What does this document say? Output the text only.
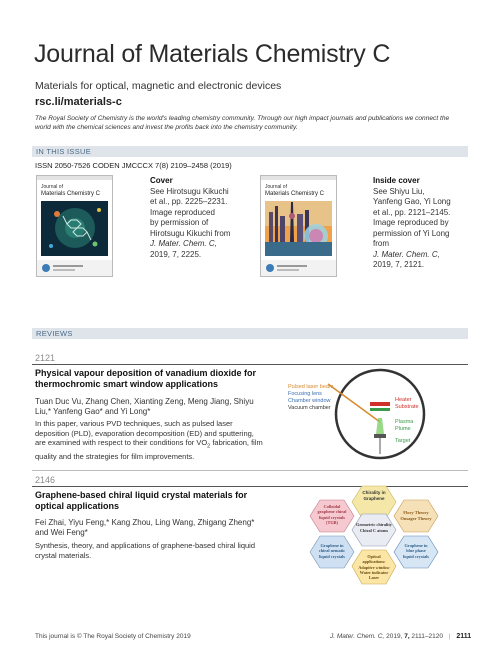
Journal of Materials Chemistry C
Materials for optical, magnetic and electronic devices
rsc.li/materials-c
The Royal Society of Chemistry is the world's leading chemistry community. Through our high impact journals and publications we connect the world with the chemical sciences and invest the profits back into the chemistry community.
IN THIS ISSUE
ISSN 2050-7526 CODEN JMCCCX 7(8) 2109–2458 (2019)
Journal of
Materials Chemistry C
Cover
See Hirotsugu Kikuchi
et al., pp. 2225–2231.
Image reproduced
by permission of
Hirotsugu Kikuchi from
J. Mater. Chem. C,
2019, 7, 2225.
Journal of
Materials Chemistry C
Inside cover
See Shiyu Liu,
Yanfeng Gao, Yi Long
et al., pp. 2121–2145.
Image reproduced by
permission of Yi Long
from
J. Mater. Chem. C,
2019, 7, 2121.
REVIEWS
2121
Physical vapour deposition of vanadium dioxide for thermochromic smart window applications
Tuan Duc Vu, Zhang Chen, Xianting Zeng, Meng Jiang, Shiyu Liu,* Yanfeng Gao* and Yi Long*
In this paper, various PVD techniques, such as pulsed laser deposition (PLD), evaporation decomposition (ED) and sputtering, are examined with respect to their conditions for $VO_2$ fabrication, film quality and the strategies for film improvements.
Pulsed laser beam
Focusing lens
Chamber window
Vacuum chamber
Heater
Substrate
Plasma
Plume
Target
2146
Graphene-based chiral liquid crystal materials for optical applications
Fei Zhai, Yiyu Feng,* Kang Zhou, Ling Wang, Zhigang Zheng* and Wei Feng*
Synthesis, theory, and applications of graphene-based chiral liquid crystal materials.
Chirality in Graphene
Geometric chirality
Chiral C atoms
Colloidal
graphene chiral
liquid crystals
(TGB)
Flory Theory
Onsager Theory
Graphene in
chiral nematic
liquid crystals	Optical
applications:
Adaptive window
Water indicator
Laser
Graphene in
blue phase
liquid crystals
This journal is © The Royal Society of Chemistry 2019	J. Mater. Chem. C, 2019, 7, 2111–2120 | 2111
